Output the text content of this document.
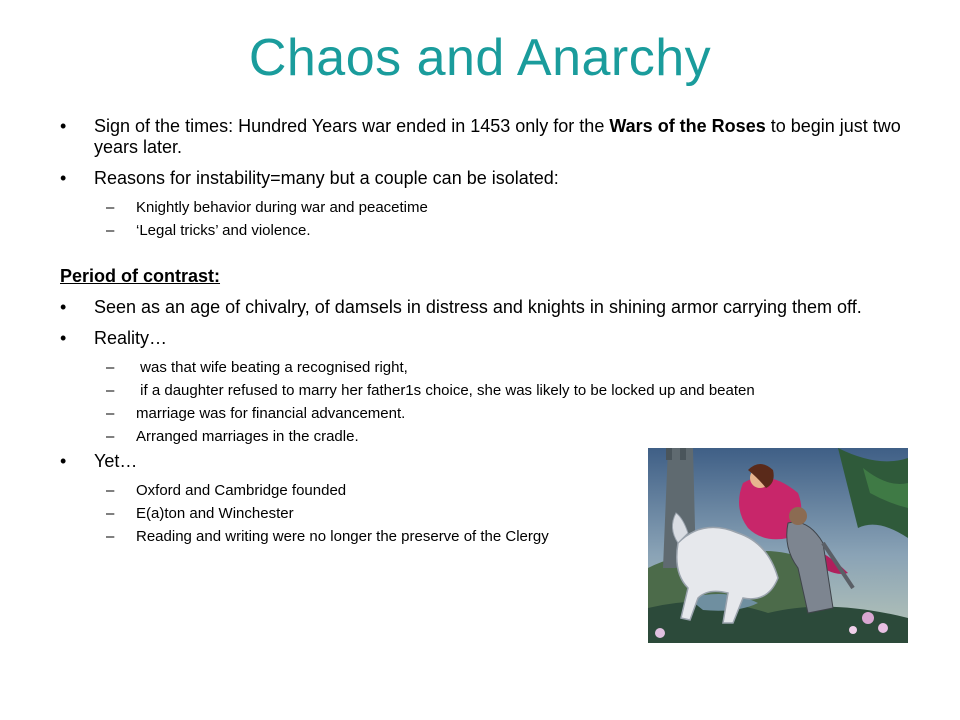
Chaos and Anarchy
• Sign of the times: Hundred Years war ended in 1453 only for the Wars of the Roses to begin just two years later.
• Reasons for instability=many but a couple can be isolated:
– Knightly behavior during war and peacetime
– ‘Legal tricks’ and violence.
Period of contrast:
• Seen as an age of chivalry, of damsels in distress and knights in shining armor carrying them off.
• Reality…
– was that wife beating a recognised right,
– if a daughter refused to marry her father1s choice, she was likely to be locked up and beaten
– marriage was for financial advancement.
– Arranged marriages in the cradle.
• Yet…
– Oxford and Cambridge founded
– E(a)ton and Winchester
– Reading and writing were no longer the preserve of the Clergy
